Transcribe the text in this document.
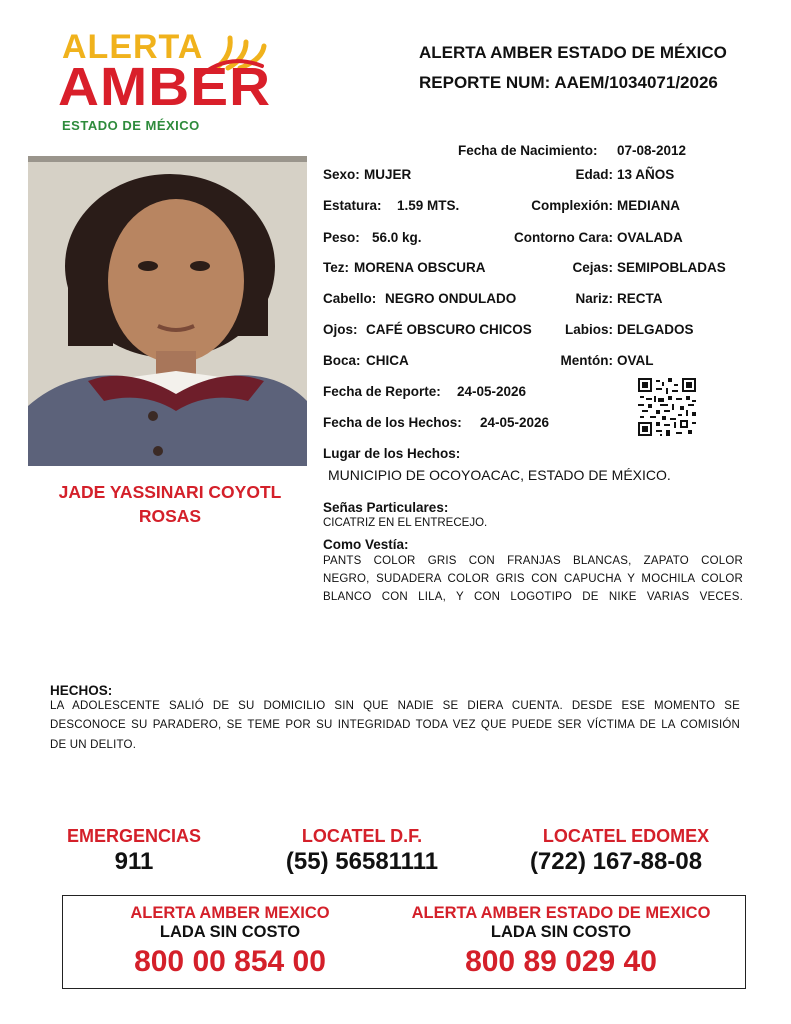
ALERTA
AMBER
ESTADO DE MÉXICO
ALERTA AMBER ESTADO DE MÉXICO
REPORTE NUM: AAEM/1034071/2026
JADE YASSINARI COYOTL
ROSAS
Fecha de Nacimiento: 07-08-2012
Sexo: MUJER	Edad: 13 AÑOS
Estatura: 1.59 MTS.	Complexión: MEDIANA
Peso: 56.0 kg.	Contorno Cara: OVALADA
Tez: MORENA OBSCURA	Cejas: SEMIPOBLADAS
Cabello: NEGRO ONDULADO	Nariz: RECTA
Ojos: CAFÉ OBSCURO CHICOS	Labios: DELGADOS
Boca: CHICA	Mentón: OVAL
Fecha de Reporte: 24-05-2026
Fecha de los Hechos: 24-05-2026
Lugar de los Hechos:
MUNICIPIO DE OCOYOACAC, ESTADO DE MÉXICO.
Señas Particulares:
CICATRIZ EN EL ENTRECEJO.
Como Vestía:
PANTS COLOR GRIS CON FRANJAS BLANCAS, ZAPATO COLOR
NEGRO, SUDADERA COLOR GRIS CON CAPUCHA Y MOCHILA COLOR
BLANCO CON LILA, Y CON LOGOTIPO DE NIKE VARIAS VECES.
HECHOS:
LA ADOLESCENTE SALIÓ DE SU DOMICILIO SIN QUE NADIE SE DIERA CUENTA. DESDE ESE MOMENTO SE
DESCONOCE SU PARADERO, SE TEME POR SU INTEGRIDAD TODA VEZ QUE PUEDE SER VÍCTIMA DE LA COMISIÓN
DE UN DELITO.
EMERGENCIAS
911
LOCATEL D.F.
(55) 56581111
LOCATEL EDOMEX
(722) 167-88-08
ALERTA AMBER MEXICO
LADA SIN COSTO
800 00 854 00
ALERTA AMBER ESTADO DE MEXICO
LADA SIN COSTO
800 89 029 40
